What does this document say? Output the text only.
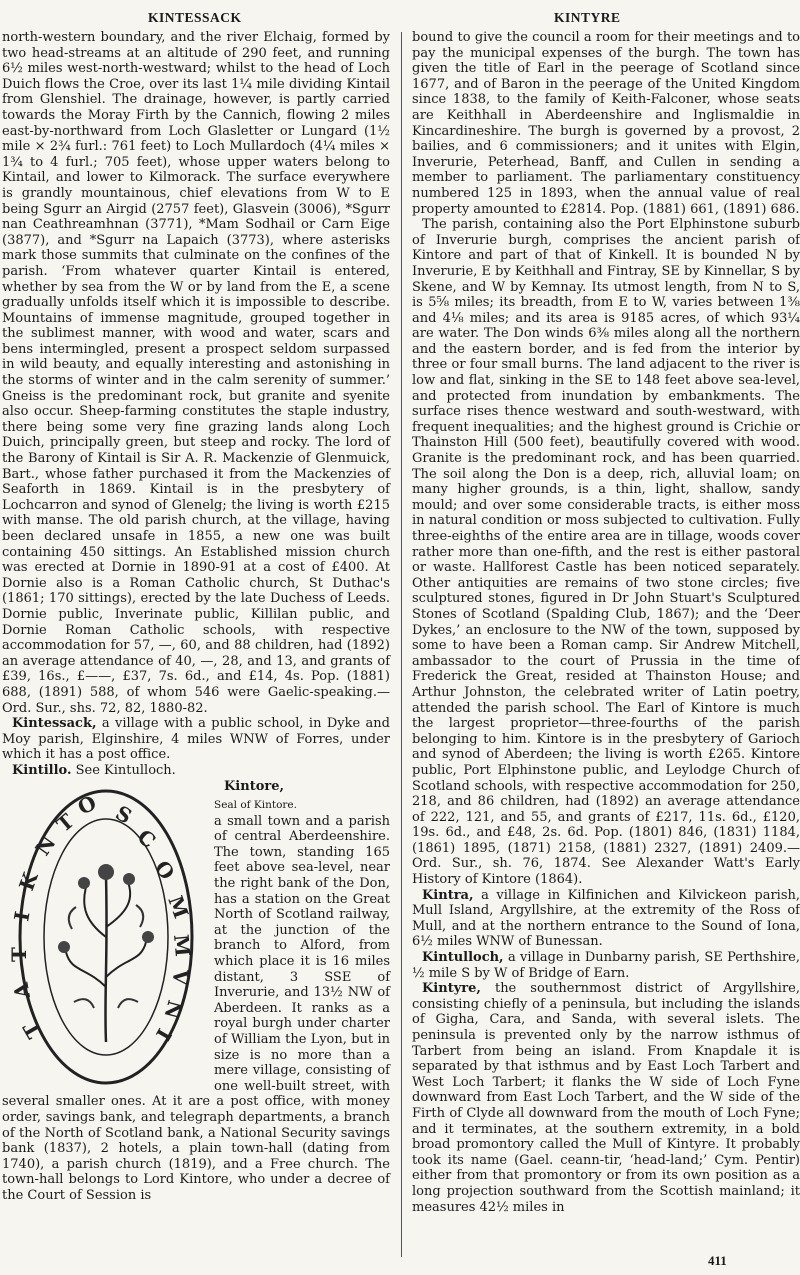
KINTESSACK	KINTYRE

north-western boundary, and the river Elchaig, formed by two head-streams at an altitude of 290 feet, and running 6½ miles west-north-westward; whilst to the head of Loch Duich flows the Croe, over its last 1¼ mile dividing Kintail from Glenshiel. The drainage, however, is partly carried towards the Moray Firth by the Cannich, flowing 2 miles east-by-northward from Loch Glasletter or Lungard (1½ mile × 2¾ furl.: 761 feet) to Loch Mullardoch (4¼ miles × 1¾ to 4 furl.; 705 feet), whose upper waters belong to Kintail, and lower to Kilmorack. The surface everywhere is grandly mountainous, chief elevations from W to E being Sgurr an Airgid (2757 feet), Glasvein (3006), *Sgurr nan Ceathreamhnan (3771), *Mam Sodhail or Carn Eige (3877), and *Sgurr na Lapaich (3773), where asterisks mark those summits that culminate on the confines of the parish. ‘From whatever quarter Kintail is entered, whether by sea from the W or by land from the E, a scene gradually unfolds itself which it is impossible to describe. Mountains of immense magnitude, grouped together in the sublimest manner, with wood and water, scars and bens intermingled, present a prospect seldom surpassed in wild beauty, and equally interesting and astonishing in the storms of winter and in the calm serenity of summer.’ Gneiss is the predominant rock, but granite and syenite also occur. Sheep-farming constitutes the staple industry, there being some very fine grazing lands along Loch Duich, principally green, but steep and rocky. The lord of the Barony of Kintail is Sir A. R. Mackenzie of Glenmuick, Bart., whose father purchased it from the Mackenzies of Seaforth in 1869. Kintail is in the presbytery of Lochcarron and synod of Glenelg; the living is worth £215 with manse. The old parish church, at the village, having been declared unsafe in 1855, a new one was built containing 450 sittings. An Established mission church was erected at Dornie in 1890-91 at a cost of £400. At Dornie also is a Roman Catholic church, St Duthac's (1861; 170 sittings), erected by the late Duchess of Leeds. Dornie public, Inverinate public, Killilan public, and Dornie Roman Catholic schools, with respective accommodation for 57, —, 60, and 88 children, had (1892) an average attendance of 40, —, 28, and 13, and grants of £39, 16s., £——, £37, 7s. 6d., and £14, 4s. Pop. (1881) 688, (1891) 588, of whom 546 were Gaelic-speaking.—Ord. Sur., shs. 72, 82, 1880-82.

Kintessack, a village with a public school, in Dyke and Moy parish, Elginshire, 4 miles WNW of Forres, under which it has a post office.

Kintillo. See Kintulloch.

Kintore,
S
C
O
M
M
V
N
I
T
A
T
I
K
N
T
O	Seal of Kintore.
a small town and a parish of central Aberdeenshire. The town, standing 165 feet above sea-level, near the right bank of the Don, has a station on the Great North of Scotland railway, at the junction of the branch to Alford, from which place it is 16 miles distant, 3 SSE of Inverurie, and 13½ NW of Aberdeen. It ranks as a royal burgh under charter of William the Lyon, but in size is no more than a mere village, consisting of one well-built street, with several smaller ones. At it are a post office, with money order, savings bank, and telegraph departments, a branch of the North of Scotland bank, a National Security savings bank (1837), 2 hotels, a plain town-hall (dating from 1740), a parish church (1819), and a Free church. The town-hall belongs to Lord Kintore, who under a decree of the Court of Session is

bound to give the council a room for their meetings and to pay the municipal expenses of the burgh. The town has given the title of Earl in the peerage of Scotland since 1677, and of Baron in the peerage of the United Kingdom since 1838, to the family of Keith-Falconer, whose seats are Keithhall in Aberdeenshire and Inglismaldie in Kincardineshire. The burgh is governed by a provost, 2 bailies, and 6 commissioners; and it unites with Elgin, Inverurie, Peterhead, Banff, and Cullen in sending a member to parliament. The parliamentary constituency numbered 125 in 1893, when the annual value of real property amounted to £2814. Pop. (1881) 661, (1891) 686.

The parish, containing also the Port Elphinstone suburb of Inverurie burgh, comprises the ancient parish of Kintore and part of that of Kinkell. It is bounded N by Inverurie, E by Keithhall and Fintray, SE by Kinnellar, S by Skene, and W by Kemnay. Its utmost length, from N to S, is 5⅝ miles; its breadth, from E to W, varies between 1⅜ and 4⅛ miles; and its area is 9185 acres, of which 93¼ are water. The Don winds 6⅜ miles along all the northern and the eastern border, and is fed from the interior by three or four small burns. The land adjacent to the river is low and flat, sinking in the SE to 148 feet above sea-level, and protected from inundation by embankments. The surface rises thence westward and south-westward, with frequent inequalities; and the highest ground is Crichie or Thainston Hill (500 feet), beautifully covered with wood. Granite is the predominant rock, and has been quarried. The soil along the Don is a deep, rich, alluvial loam; on many higher grounds, is a thin, light, shallow, sandy mould; and over some considerable tracts, is either moss in natural condition or moss subjected to cultivation. Fully three-eighths of the entire area are in tillage, woods cover rather more than one-fifth, and the rest is either pastoral or waste. Hallforest Castle has been noticed separately. Other antiquities are remains of two stone circles; five sculptured stones, figured in Dr John Stuart's Sculptured Stones of Scotland (Spalding Club, 1867); and the ‘Deer Dykes,’ an enclosure to the NW of the town, supposed by some to have been a Roman camp. Sir Andrew Mitchell, ambassador to the court of Prussia in the time of Frederick the Great, resided at Thainston House; and Arthur Johnston, the celebrated writer of Latin poetry, attended the parish school. The Earl of Kintore is much the largest proprietor—three-fourths of the parish belonging to him. Kintore is in the presbytery of Garioch and synod of Aberdeen; the living is worth £265. Kintore public, Port Elphinstone public, and Leylodge Church of Scotland schools, with respective accommodation for 250, 218, and 86 children, had (1892) an average attendance of 222, 121, and 55, and grants of £217, 11s. 6d., £120, 19s. 6d., and £48, 2s. 6d. Pop. (1801) 846, (1831) 1184, (1861) 1895, (1871) 2158, (1881) 2327, (1891) 2409.—Ord. Sur., sh. 76, 1874. See Alexander Watt's Early History of Kintore (1864).

Kintra, a village in Kilfinichen and Kilvickeon parish, Mull Island, Argyllshire, at the extremity of the Ross of Mull, and at the northern entrance to the Sound of Iona, 6½ miles WNW of Bunessan.

Kintulloch, a village in Dunbarny parish, SE Perthshire, ½ mile S by W of Bridge of Earn.

Kintyre, the southernmost district of Argyllshire, consisting chiefly of a peninsula, but including the islands of Gigha, Cara, and Sanda, with several islets. The peninsula is prevented only by the narrow isthmus of Tarbert from being an island. From Knapdale it is separated by that isthmus and by East Loch Tarbert and West Loch Tarbert; it flanks the W side of Loch Fyne downward from East Loch Tarbert, and the W side of the Firth of Clyde all downward from the mouth of Loch Fyne; and it terminates, at the southern extremity, in a bold broad promontory called the Mull of Kintyre. It probably took its name (Gael. ceann-tir, ‘head-land;’ Cym. Pentir) either from that promontory or from its own position as a long projection southward from the Scottish mainland; it measures 42½ miles in

411
